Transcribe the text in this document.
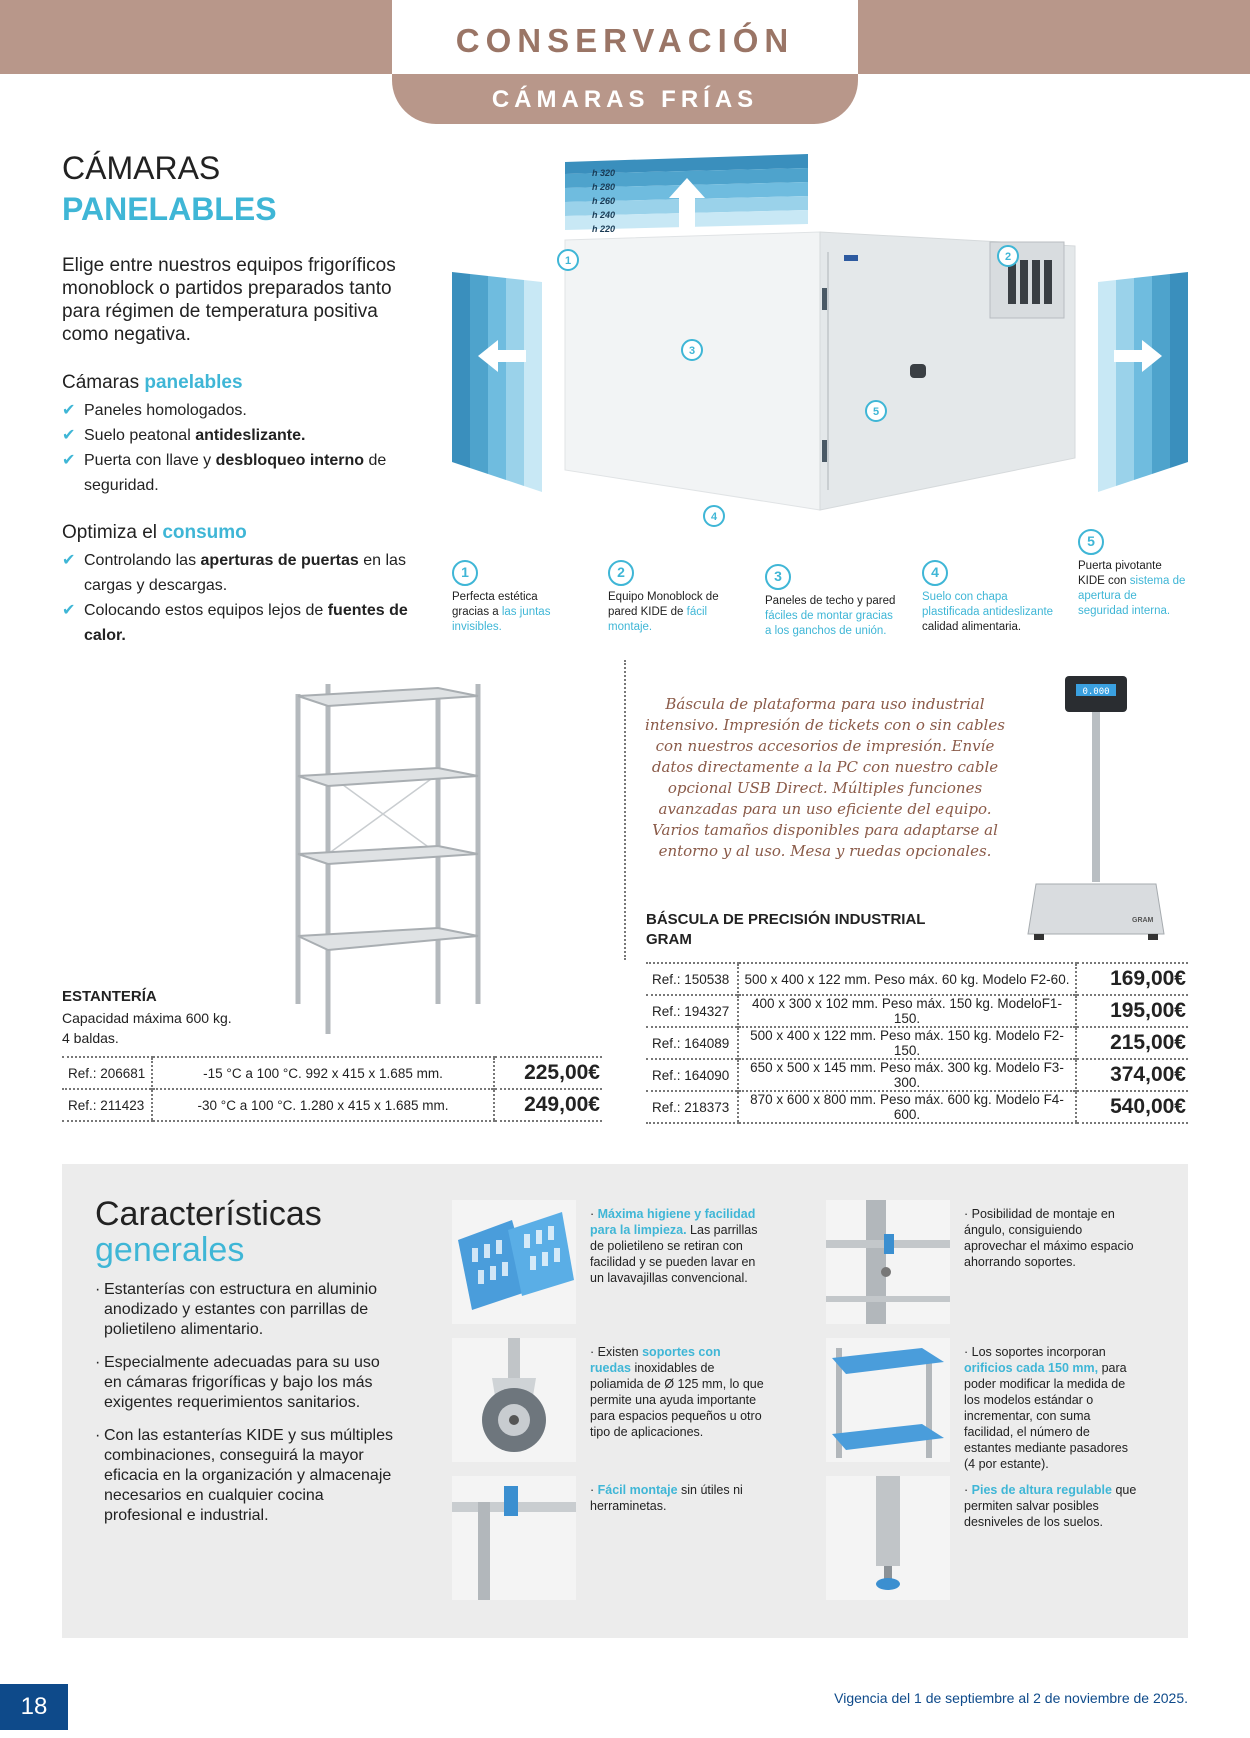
CONSERVACIÓN
CÁMARAS FRÍAS
CÁMARAS
PANELABLES

Elige entre nuestros equipos frigoríficos monoblock o partidos preparados tanto para régimen de temperatura positiva como negativa.

Cámaras panelables
✔ Paneles homologados.
✔ Suelo peatonal antideslizante.
✔ Puerta con llave y desbloqueo interno de seguridad.
Optimiza el consumo
✔ Controlando las aperturas de puertas en las cargas y descargas.
✔ Colocando estos equipos lejos de fuentes de calor.
h 320
h 280
h 260
h 240
h 220
1	2
3
4
5
1
Perfecta estética gracias a las juntas invisibles.
2
Equipo Monoblock de pared KIDE de fácil montaje.
3
Paneles de techo y pared fáciles de montar gracias a los ganchos de unión.
4
Suelo con chapa plastificada antideslizante calidad alimentaria.
5
Puerta pivotante KIDE con sistema de apertura de seguridad interna.
ESTANTERÍA
Capacidad máxima 600 kg.
4 baldas.
Ref.: 206681	-15 °C a 100 °C. 992 x 415 x 1.685 mm.	225,00€
Ref.: 211423	-30 °C a 100 °C. 1.280 x 415 x 1.685 mm.	249,00€

Báscula de plataforma para uso industrial intensivo. Impresión de tickets con o sin cables con nuestros accesorios de impresión. Envíe datos directamente a la PC con nuestro cable opcional USB Direct. Múltiples funciones avanzadas para un uso eficiente del equipo. Varios tamaños disponibles para adaptarse al entorno y al uso. Mesa y ruedas opcionales.

0.000
GRAM
BÁSCULA DE PRECISIÓN INDUSTRIAL
GRAM
Ref.: 150538	500 x 400 x 122 mm. Peso máx. 60 kg. Modelo F2-60.	169,00€
Ref.: 194327	400 x 300 x 102 mm. Peso máx. 150 kg. ModeloF1-150.	195,00€
Ref.: 164089	500 x 400 x 122 mm. Peso máx. 150 kg. Modelo F2-150.	215,00€
Ref.: 164090	650 x 500 x 145 mm. Peso máx. 300 kg. Modelo F3-300.	374,00€
Ref.: 218373	870 x 600 x 800 mm. Peso máx. 600 kg. Modelo F4-600.	540,00€
Características
generales
· Estanterías con estructura en aluminio anodizado y estantes con parrillas de polietileno alimentario.
· Especialmente adecuadas para su uso en cámaras frigoríficas y bajo los más exigentes requerimientos sanitarios.
· Con las estanterías KIDE y sus múltiples combinaciones, conseguirá la mayor eficacia en la organización y almacenaje necesarios en cualquier cocina profesional e industrial.
· Máxima higiene y facilidad para la limpieza. Las parrillas de polietileno se retiran con facilidad y se pueden lavar en un lavavajillas convencional.
· Posibilidad de montaje en ángulo, consiguiendo aprovechar el máximo espacio ahorrando soportes.
· Existen soportes con ruedas inoxidables de poliamida de Ø 125 mm, lo que permite una ayuda importante para espacios pequeños u otro tipo de aplicaciones.
· Los soportes incorporan orificios cada 150 mm, para poder modificar la medida de los modelos estándar o incrementar, con suma facilidad, el número de estantes mediante pasadores (4 por estante).
· Fácil montaje sin útiles ni herraminetas.
· Pies de altura regulable que permiten salvar posibles desniveles de los suelos.
18	Vigencia del 1 de septiembre al 2 de noviembre de 2025.
